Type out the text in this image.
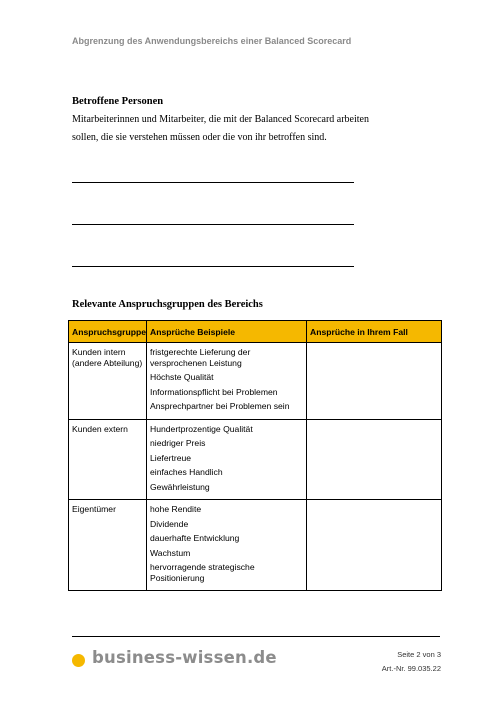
Abgrenzung des Anwendungsbereichs einer Balanced Scorecard
Betroffene Personen
Mitarbeiterinnen und Mitarbeiter, die mit der Balanced Scorecard arbeiten
sollen, die sie verstehen müssen oder die von ihr betroffen sind.
Relevante Anspruchsgruppen des Bereichs
Anspruchsgruppe	Ansprüche Beispiele	Ansprüche in Ihrem Fall

Kunden intern (andere Abteilung)	fristgerechte Lieferung der versprochenen Leistung
Höchste Qualität
Informationspflicht bei Problemen
Ansprechpartner bei Problemen sein	

Kunden extern	Hundertprozentige Qualität
niedriger Preis
Liefertreue
einfaches Handlich
Gewährleistung	

Eigentümer	hohe Rendite
Dividende
dauerhafte Entwicklung
Wachstum
hervorragende strategische Positionierung	

business-wissen.de	Seite 2 von 3
Art.-Nr. 99.035.22
